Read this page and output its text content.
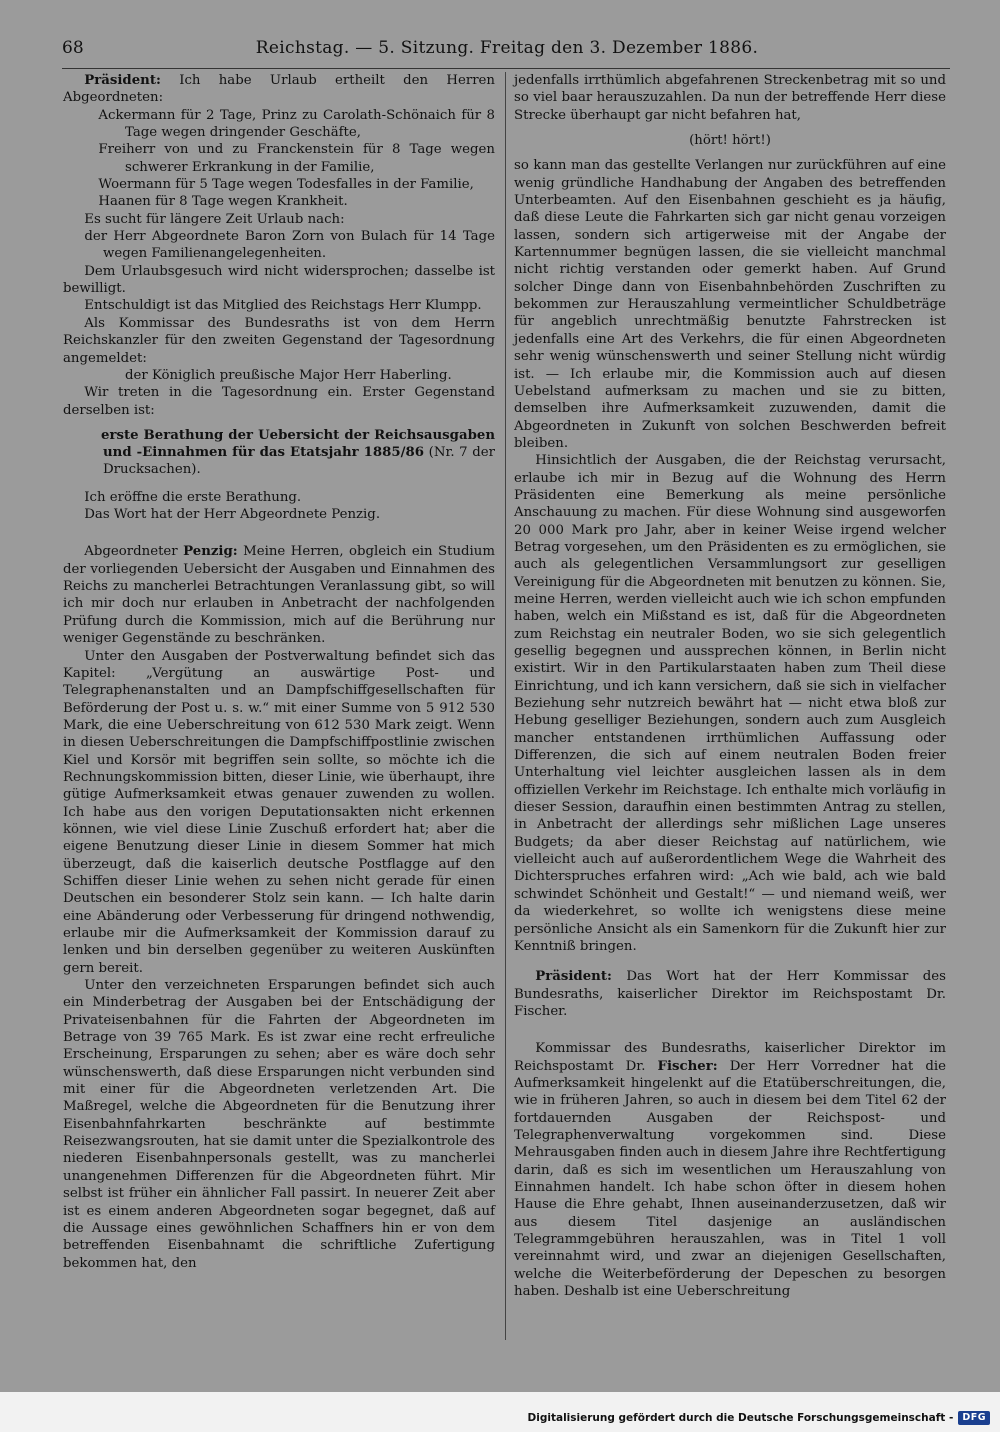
68	Reichstag. — 5. Sitzung. Freitag den 3. Dezember 1886.

Präsident: Ich habe Urlaub ertheilt den Herren Abgeordneten:

Ackermann für 2 Tage, Prinz zu Carolath-Schönaich für 8 Tage wegen dringender Geschäfte,

Freiherr von und zu Franckenstein für 8 Tage wegen schwerer Erkrankung in der Familie,

Woermann für 5 Tage wegen Todesfalles in der Familie,

Haanen für 8 Tage wegen Krankheit.

Es sucht für längere Zeit Urlaub nach:

der Herr Abgeordnete Baron Zorn von Bulach für 14 Tage wegen Familienangelegenheiten.

Dem Urlaubsgesuch wird nicht widersprochen; dasselbe ist bewilligt.

Entschuldigt ist das Mitglied des Reichstags Herr Klumpp.

Als Kommissar des Bundesraths ist von dem Herrn Reichskanzler für den zweiten Gegenstand der Tagesordnung angemeldet:

der Königlich preußische Major Herr Haberling.

Wir treten in die Tagesordnung ein. Erster Gegenstand derselben ist:

erste Berathung der Uebersicht der Reichsausgaben und -Einnahmen für das Etatsjahr 1885/86 (Nr. 7 der Drucksachen).

Ich eröffne die erste Berathung.

Das Wort hat der Herr Abgeordnete Penzig.

Abgeordneter Penzig: Meine Herren, obgleich ein Studium der vorliegenden Uebersicht der Ausgaben und Einnahmen des Reichs zu mancherlei Betrachtungen Veranlassung gibt, so will ich mir doch nur erlauben in Anbetracht der nachfolgenden Prüfung durch die Kommission, mich auf die Berührung nur weniger Gegenstände zu beschränken.

Unter den Ausgaben der Postverwaltung befindet sich das Kapitel: „Vergütung an auswärtige Post- und Telegraphenanstalten und an Dampfschiffgesellschaften für Beförderung der Post u. s. w.“ mit einer Summe von 5 912 530 Mark, die eine Ueberschreitung von 612 530 Mark zeigt. Wenn in diesen Ueberschreitungen die Dampfschiffpostlinie zwischen Kiel und Korsör mit begriffen sein sollte, so möchte ich die Rechnungskommission bitten, dieser Linie, wie überhaupt, ihre gütige Aufmerksamkeit etwas genauer zuwenden zu wollen. Ich habe aus den vorigen Deputationsakten nicht erkennen können, wie viel diese Linie Zuschuß erfordert hat; aber die eigene Benutzung dieser Linie in diesem Sommer hat mich überzeugt, daß die kaiserlich deutsche Postflagge auf den Schiffen dieser Linie wehen zu sehen nicht gerade für einen Deutschen ein besonderer Stolz sein kann. — Ich halte darin eine Abänderung oder Verbesserung für dringend nothwendig, erlaube mir die Aufmerksamkeit der Kommission darauf zu lenken und bin derselben gegenüber zu weiteren Auskünften gern bereit.

Unter den verzeichneten Ersparungen befindet sich auch ein Minderbetrag der Ausgaben bei der Entschädigung der Privateisenbahnen für die Fahrten der Abgeordneten im Betrage von 39 765 Mark. Es ist zwar eine recht erfreuliche Erscheinung, Ersparungen zu sehen; aber es wäre doch sehr wünschenswerth, daß diese Ersparungen nicht verbunden sind mit einer für die Abgeordneten verletzenden Art. Die Maßregel, welche die Abgeordneten für die Benutzung ihrer Eisenbahnfahrkarten beschränkte auf bestimmte Reisezwangsrouten, hat sie damit unter die Spezialkontrole des niederen Eisenbahnpersonals gestellt, was zu mancherlei unangenehmen Differenzen für die Abgeordneten führt. Mir selbst ist früher ein ähnlicher Fall passirt. In neuerer Zeit aber ist es einem anderen Abgeordneten sogar begegnet, daß auf die Aussage eines gewöhnlichen Schaffners hin er von dem betreffenden Eisenbahnamt die schriftliche Zufertigung bekommen hat, den

jedenfalls irrthümlich abgefahrenen Streckenbetrag mit so und so viel baar herauszuzahlen. Da nun der betreffende Herr diese Strecke überhaupt gar nicht befahren hat,

(hört! hört!)

so kann man das gestellte Verlangen nur zurückführen auf eine wenig gründliche Handhabung der Angaben des betreffenden Unterbeamten. Auf den Eisenbahnen geschieht es ja häufig, daß diese Leute die Fahrkarten sich gar nicht genau vorzeigen lassen, sondern sich artigerweise mit der Angabe der Kartennummer begnügen lassen, die sie vielleicht manchmal nicht richtig verstanden oder gemerkt haben. Auf Grund solcher Dinge dann von Eisenbahnbehörden Zuschriften zu bekommen zur Herauszahlung vermeintlicher Schuldbeträge für angeblich unrechtmäßig benutzte Fahrstrecken ist jedenfalls eine Art des Verkehrs, die für einen Abgeordneten sehr wenig wünschenswerth und seiner Stellung nicht würdig ist. — Ich erlaube mir, die Kommission auch auf diesen Uebelstand aufmerksam zu machen und sie zu bitten, demselben ihre Aufmerksamkeit zuzuwenden, damit die Abgeordneten in Zukunft von solchen Beschwerden befreit bleiben.

Hinsichtlich der Ausgaben, die der Reichstag verursacht, erlaube ich mir in Bezug auf die Wohnung des Herrn Präsidenten eine Bemerkung als meine persönliche Anschauung zu machen. Für diese Wohnung sind ausgeworfen 20 000 Mark pro Jahr, aber in keiner Weise irgend welcher Betrag vorgesehen, um den Präsidenten es zu ermöglichen, sie auch als gelegentlichen Versammlungsort zur geselligen Vereinigung für die Abgeordneten mit benutzen zu können. Sie, meine Herren, werden vielleicht auch wie ich schon empfunden haben, welch ein Mißstand es ist, daß für die Abgeordneten zum Reichstag ein neutraler Boden, wo sie sich gelegentlich gesellig begegnen und aussprechen können, in Berlin nicht existirt. Wir in den Partikularstaaten haben zum Theil diese Einrichtung, und ich kann versichern, daß sie sich in vielfacher Beziehung sehr nutzreich bewährt hat — nicht etwa bloß zur Hebung geselliger Beziehungen, sondern auch zum Ausgleich mancher entstandenen irrthümlichen Auffassung oder Differenzen, die sich auf einem neutralen Boden freier Unterhaltung viel leichter ausgleichen lassen als in dem offiziellen Verkehr im Reichstage. Ich enthalte mich vorläufig in dieser Session, daraufhin einen bestimmten Antrag zu stellen, in Anbetracht der allerdings sehr mißlichen Lage unseres Budgets; da aber dieser Reichstag auf natürlichem, wie vielleicht auch auf außerordentlichem Wege die Wahrheit des Dichterspruches erfahren wird: „Ach wie bald, ach wie bald schwindet Schönheit und Gestalt!“ — und niemand weiß, wer da wiederkehret, so wollte ich wenigstens diese meine persönliche Ansicht als ein Samenkorn für die Zukunft hier zur Kenntniß bringen.

Präsident: Das Wort hat der Herr Kommissar des Bundesraths, kaiserlicher Direktor im Reichspostamt Dr. Fischer.

Kommissar des Bundesraths, kaiserlicher Direktor im Reichspostamt Dr. Fischer: Der Herr Vorredner hat die Aufmerksamkeit hingelenkt auf die Etatüberschreitungen, die, wie in früheren Jahren, so auch in diesem bei dem Titel 62 der fortdauernden Ausgaben der Reichspost- und Telegraphenverwaltung vorgekommen sind. Diese Mehrausgaben finden auch in diesem Jahre ihre Rechtfertigung darin, daß es sich im wesentlichen um Herauszahlung von Einnahmen handelt. Ich habe schon öfter in diesem hohen Hause die Ehre gehabt, Ihnen auseinanderzusetzen, daß wir aus diesem Titel dasjenige an ausländischen Telegrammgebühren herauszahlen, was in Titel 1 voll vereinnahmt wird, und zwar an diejenigen Gesellschaften, welche die Weiterbeförderung der Depeschen zu besorgen haben. Deshalb ist eine Ueberschreitung

Digitalisierung gefördert durch die Deutsche Forschungsgemeinschaft - DFG
